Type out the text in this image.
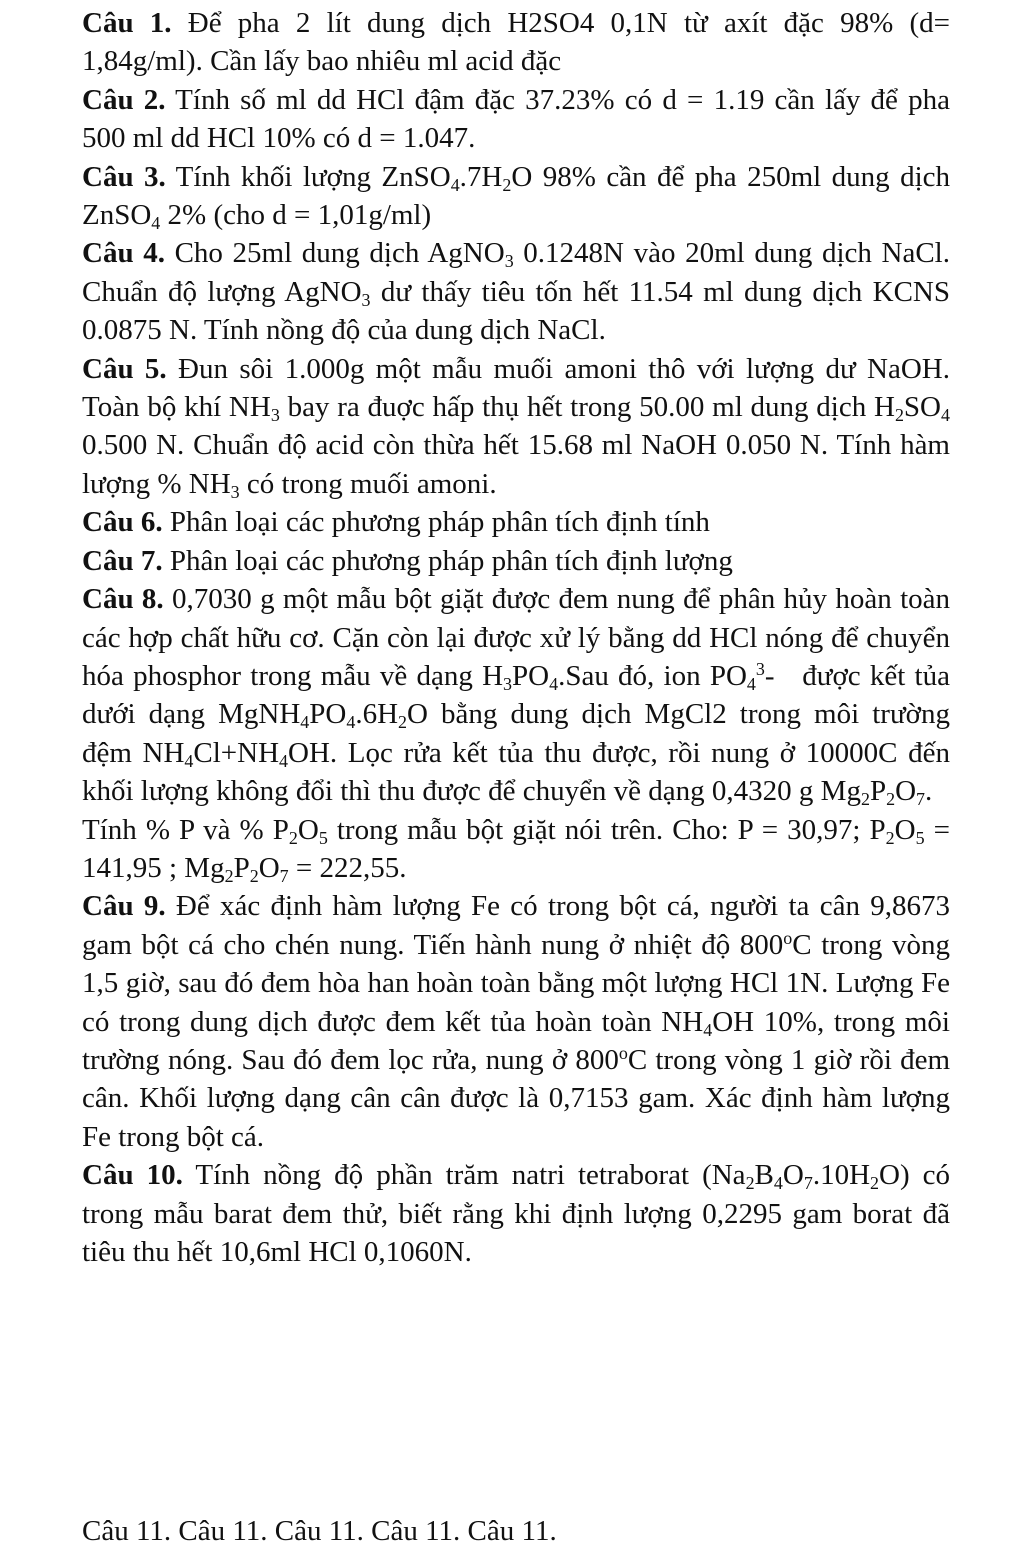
Câu 1. Để pha 2 lít dung dịch H2SO4 0,1N từ axít đặc 98% (d= 1,84g/ml). Cần lấy bao nhiêu ml acid đặc

Câu 2. Tính số ml dd HCl đậm đặc 37.23% có d = 1.19 cần lấy để pha 500 ml dd HCl 10% có d = 1.047.

Câu 3. Tính khối lượng $ZnSO_4.7H_2O$ 98% cần để pha 250ml dung dịch ZnSO$_4$ 2% (cho d = 1,01g/ml)

Câu 4. Cho 25ml dung dịch AgNO$_3$ 0.1248N vào 20ml dung dịch NaCl. Chuẩn độ lượng AgNO$_3$ dư thấy tiêu tốn hết 11.54 ml dung dịch KCNS 0.0875 N. Tính nồng độ của dung dịch NaCl.

Câu 5. Đun sôi 1.000g một mẫu muối amoni thô với lượng dư NaOH. Toàn bộ khí $NH_3$ bay ra đuợc hấp thụ hết trong 50.00 ml dung dịch $H_2SO_4$ 0.500 N. Chuẩn độ acid còn thừa hết 15.68 ml NaOH 0.050 N. Tính hàm lượng % $NH_3$ có trong muối amoni.

Câu 6. Phân loại các phương pháp phân tích định tính

Câu 7. Phân loại các phương pháp phân tích định lượng

Câu 8. 0,7030 g một mẫu bột giặt được đem nung để phân hủy hoàn toàn các hợp chất hữu cơ. Cặn còn lại được xử lý bằng dd HCl nóng để chuyển hóa phosphor trong mẫu về dạng $H_3PO_4.Sau$ đó, ion $PO_4^3-$   được kết tủa dưới dạng $MgNH_4PO_4.6H_2O$ bằng dung dịch MgCl2 trong môi trường đệm $NH_4Cl+NH_4OH$. Lọc rửa kết tủa thu được, rồi nung ở 10000C đến khối lượng không đổi thì thu được để chuyển về dạng 0,4320 g $Mg_2P_2O_7$.

Tính % P và % $P_2O_5$ trong mẫu bột giặt nói trên. Cho: P = 30,97; $P_2O_5 = 141,95$ ; $Mg_2P_2O_7 = 222,55$.

Câu 9. Để xác định hàm lượng Fe có trong bột cá, người ta cân 9,8673 gam bột cá cho chén nung. Tiến hành nung ở nhiệt độ 800$^o$C trong vòng 1,5 giờ, sau đó đem hòa han hoàn toàn bằng một lượng HCl 1N. Lượng Fe có trong dung dịch được đem kết tủa hoàn toàn $NH_4OH$ 10%, trong môi trường nóng. Sau đó đem lọc rửa, nung ở 800$^o$C trong vòng 1 giờ rồi đem cân. Khối lượng dạng cân cân được là 0,7153 gam. Xác định hàm lượng Fe trong bột cá.

Câu 10. Tính nồng độ phần trăm natri tetraborat $(Na_2B_4O_7.10H_2O)$ có trong mẫu barat đem thử, biết rằng khi định lượng 0,2295 gam borat đã tiêu thu hết 10,6ml HCl 0,1060N.

Câu 11. Câu 11. Câu 11. Câu 11. Câu 11.
